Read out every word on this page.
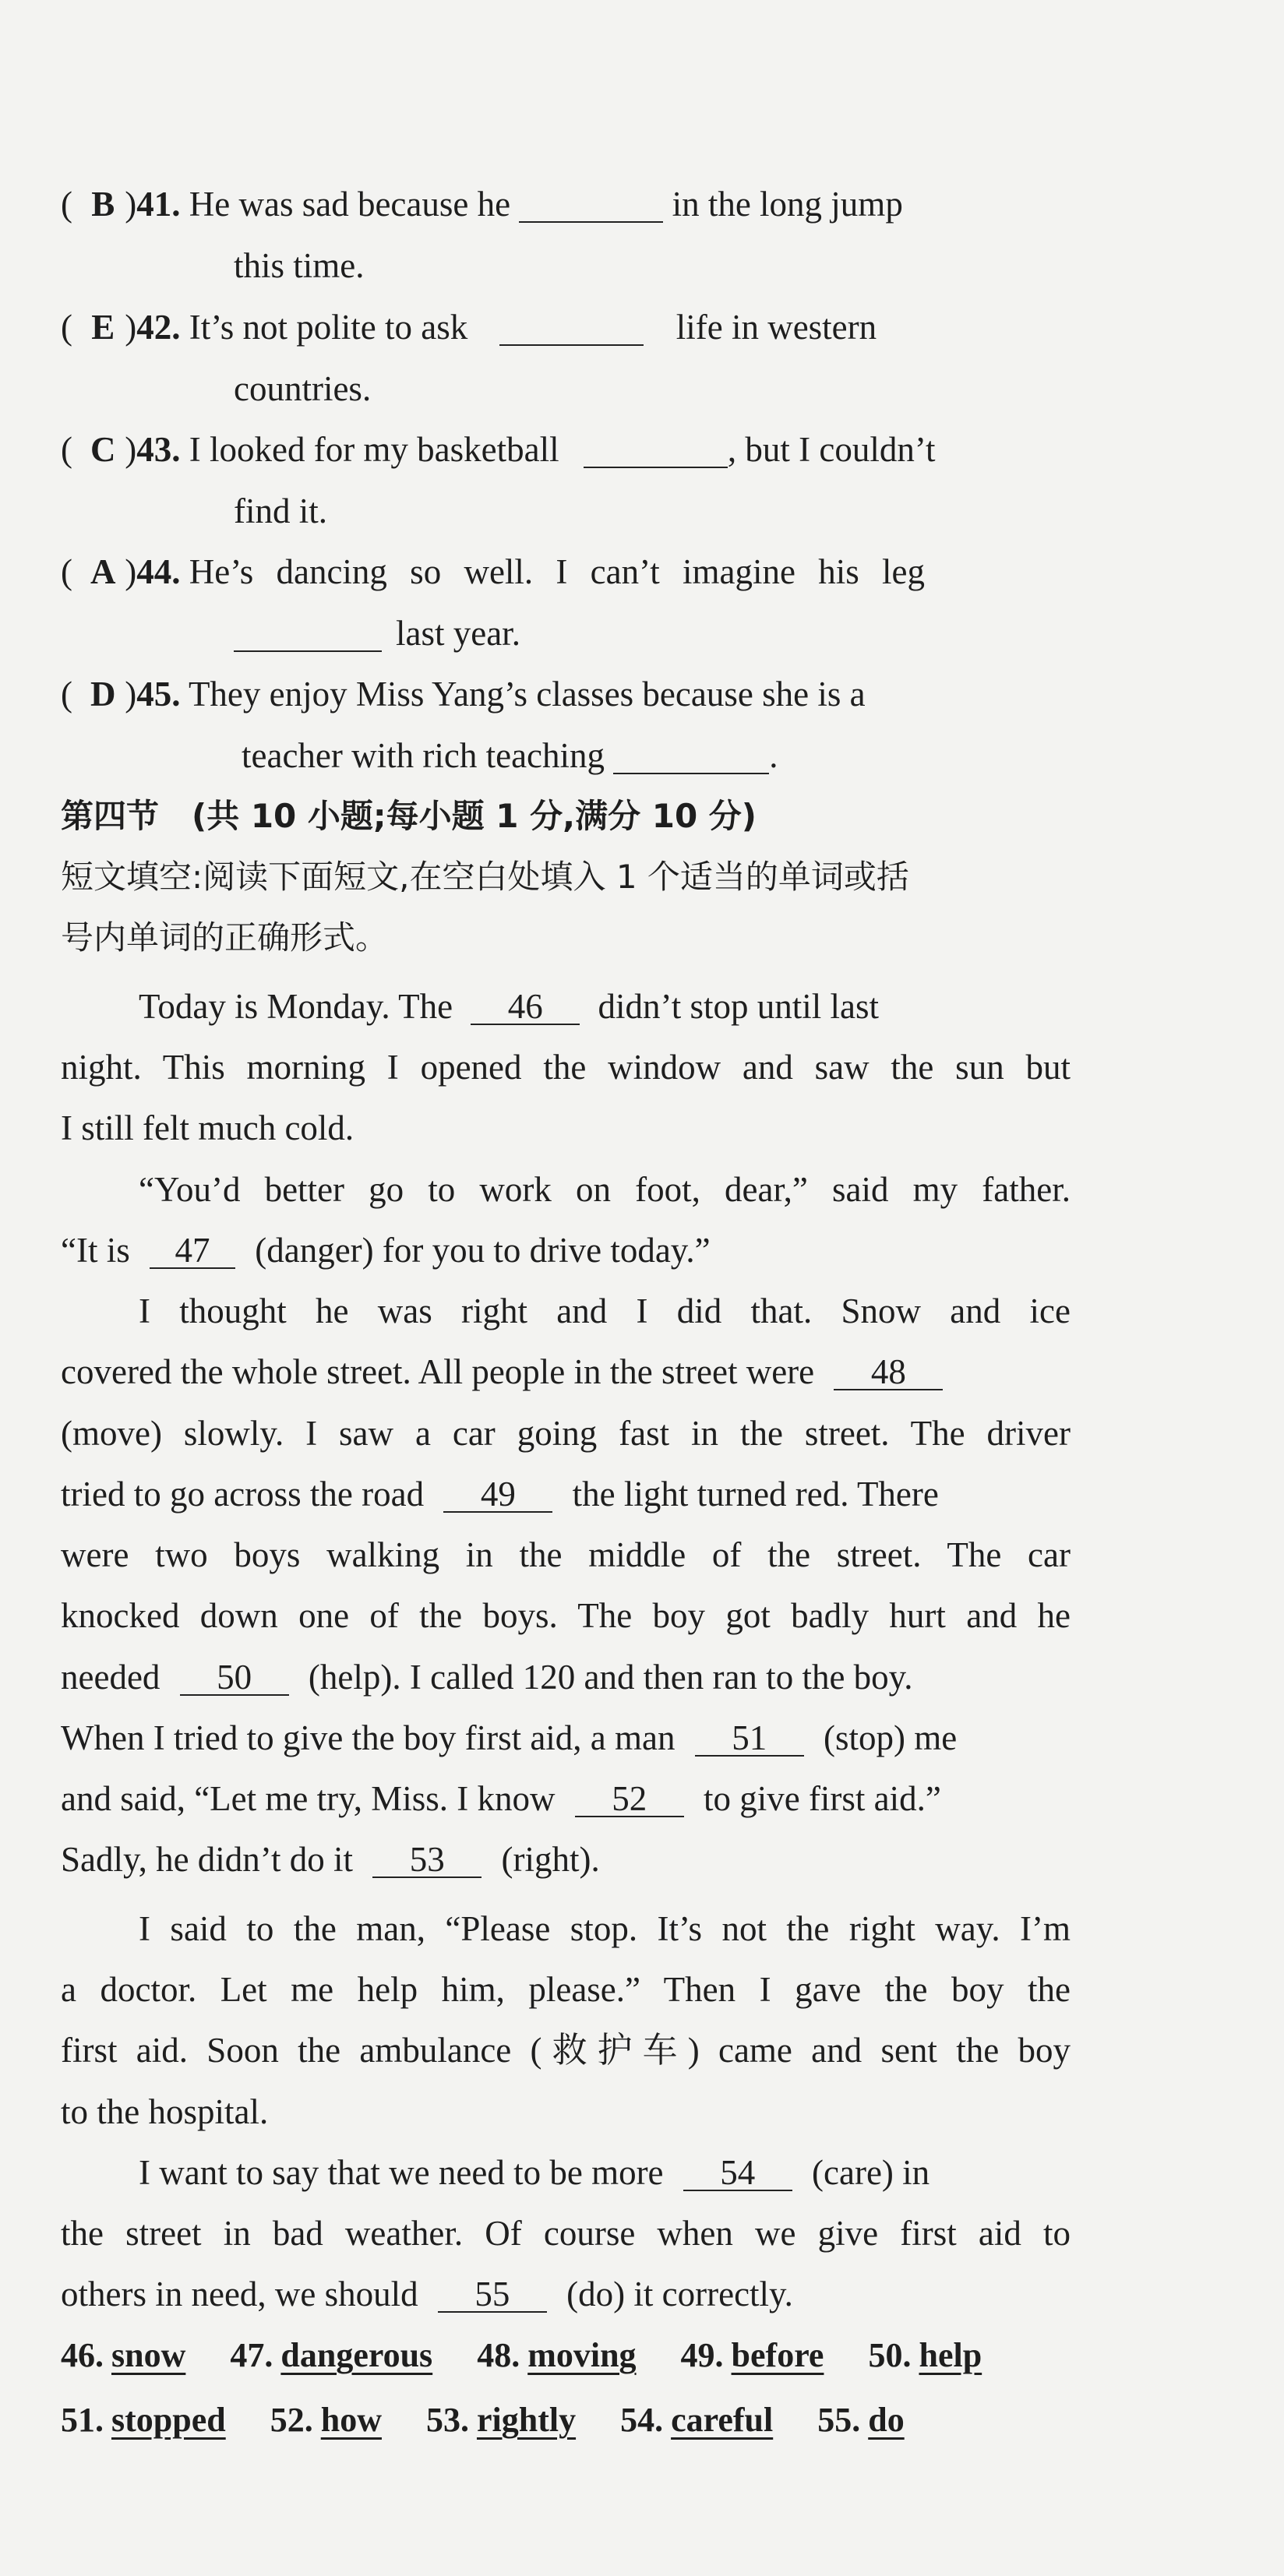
( B )41. He was sad because he	in the long jump
this time.
( E )42. It’s not polite to ask	life in western
countries.
( C )43. I looked for my basketball	, but I couldn’t
find it.
( A )44. He’s dancing so well. I can’t imagine his leg
last year.
( D )45. They enjoy Miss Yang’s classes because she is a
teacher with rich teaching	.
第四节　(共 10 小题;每小题 1 分,满分 10 分)
短文填空:阅读下面短文,在空白处填入 1 个适当的单词或括
号内单词的正确形式。
Today is Monday. The 46 didn’t stop until last
night. This morning I opened the window and saw the sun but
I still felt much cold.
“You’d better go to work on foot, dear,” said my father.
“It is 47 (danger) for you to drive today.”
I thought he was right and I did that. Snow and ice
covered the whole street. All people in the street were 48
(move) slowly. I saw a car going fast in the street. The driver
tried to go across the road 49 the light turned red. There
were two boys walking in the middle of the street. The car
knocked down one of the boys. The boy got badly hurt and he
needed 50 (help). I called 120 and then ran to the boy.
When I tried to give the boy first aid, a man 51 (stop) me
and said, “Let me try, Miss. I know 52 to give first aid.”
Sadly, he didn’t do it 53 (right).
I said to the man, “Please stop. It’s not the right way. I’m
a doctor. Let me help him, please.” Then I gave the boy the
first aid. Soon the ambulance (救护车) came and sent the boy
to the hospital.
I want to say that we need to be more 54 (care) in
the street in bad weather. Of course when we give first aid to
others in need, we should 55 (do) it correctly.
46. snow 47. dangerous 48. moving 49. before 50. help
51. stopped 52. how 53. rightly 54. careful 55. do
